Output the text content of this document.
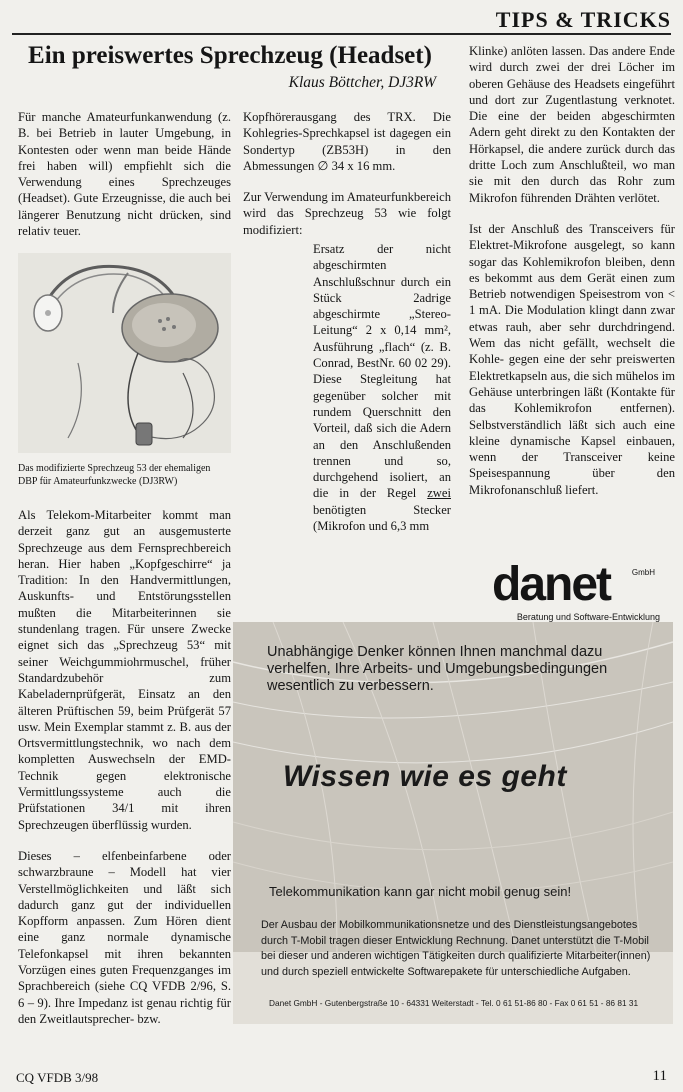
TIPS & TRICKS
Ein preiswertes Sprechzeug (Headset)
Klaus Böttcher, DJ3RW

Für manche Amateurfunkanwendung (z. B. bei Betrieb in lauter Umgebung, in Kontesten oder wenn man beide Hände frei haben will) empfiehlt sich die Verwendung eines Sprechzeuges (Headset). Gute Erzeugnisse, die auch bei längerer Benutzung nicht drücken, sind relativ teuer.

Das modifizierte Sprechzeug 53 der ehemaligen DBP für Amateurfunkzwecke (DJ3RW)

Als Telekom-Mitarbeiter kommt man derzeit ganz gut an ausgemusterte Sprechzeuge aus dem Fernsprechbereich heran. Hier haben „Kopfgeschirre“ ja Tradition: In den Handvermittlungen, Auskunfts- und Entstörungsstellen mußten die Mitarbeiterinnen sie stundenlang tragen. Für unsere Zwecke eignet sich das „Sprechzeug 53“ mit seiner Weichgummiohrmuschel, früher Standardzubehör zum Kabeladernprüfgerät, Einsatz an den älteren Prüftischen 59, beim Prüfgerät 57 usw. Mein Exemplar stammt z. B. aus der Ortsvermittlungstechnik, wo nach dem kompletten Auswechseln der EMD-Technik gegen elektronische Vermittlungssysteme auch die Prüfstationen 34/1 mit ihren Sprechzeugen überflüssig wurden.

Dieses – elfenbeinfarbene oder schwarzbraune – Modell hat vier Verstellmöglichkeiten und läßt sich dadurch ganz gut der individuellen Kopfform anpassen. Zum Hören dient eine ganz normale dynamische Telefonkapsel mit ihren bekannten Vorzügen eines guten Frequenzganges im Sprachbereich (siehe CQ VFDB 2/96, S. 6 – 9). Ihre Impedanz ist genau richtig für den Zweitlautsprecher- bzw.

Kopfhörerausgang des TRX. Die Kohlegries-Sprechkapsel ist dagegen ein Sondertyp (ZB53H) in den Abmessungen ∅ 34 x 16 mm.

Zur Verwendung im Amateurfunkbereich wird das Sprechzeug 53 wie folgt modifiziert:

Ersatz der nicht abgeschirmten Anschlußschnur durch ein Stück 2adrige abgeschirmte „Stereo-Leitung“ 2 x 0,14 mm², Ausführung „flach“ (z. B. Conrad, BestNr. 60 02 29). Diese Stegleitung hat gegenüber solcher mit rundem Querschnitt den Vorteil, daß sich die Adern an den Anschlußenden trennen und so, durchgehend isoliert, an die in der Regel zwei benötigten Stecker (Mikrofon und 6,3 mm

Klinke) anlöten lassen. Das andere Ende wird durch zwei der drei Löcher im oberen Gehäuse des Headsets eingeführt und dort zur Zugentlastung verknotet. Die eine der beiden abgeschirmten Adern geht direkt zu den Kontakten der Hörkapsel, die andere zurück durch das dritte Loch zum Anschlußteil, wo man sie mit den durch das Rohr zum Mikrofon führenden Drähten verlötet.

Ist der Anschluß des Transceivers für Elektret-Mikrofone ausgelegt, so kann sogar das Kohlemikrofon bleiben, denn es bekommt aus dem Gerät einen zum Betrieb notwendigen Speisestrom von < 1 mA. Die Modulation klingt dann zwar etwas rauh, aber sehr durchdringend. Wem das nicht gefällt, wechselt die Kohle- gegen eine der sehr preiswerten Elektretkapseln aus, die sich mühelos im Gehäuse unterbringen läßt (Kontakte für das Kohlemikrofon entfernen). Selbstverständlich läßt sich auch eine kleine dynamische Kapsel einbauen, wenn der Transceiver keine Speisespannung über den Mikrofonanschluß liefert.

danet	GmbH
Beratung und Software-Entwicklung
Unabhängige Denker können Ihnen manchmal dazu verhelfen, Ihre Arbeits- und Umgebungsbedingungen wesentlich zu verbessern.
Wissen wie es geht
Telekommunikation kann gar nicht mobil genug sein!
Der Ausbau der Mobilkommunikationsnetze und des Dienstleistungsangebotes durch T-Mobil tragen dieser Entwicklung Rechnung. Danet unterstützt die T-Mobil bei dieser und anderen wichtigen Tätigkeiten durch qualifizierte Mitarbeiter(innen) und durch speziell entwickelte Softwarepakete für unterschiedliche Aufgaben.
Danet GmbH - Gutenbergstraße 10 - 64331 Weiterstadt - Tel. 0 61 51-86 80 - Fax 0 61 51 - 86 81 31
CQ VFDB 3/98	11
